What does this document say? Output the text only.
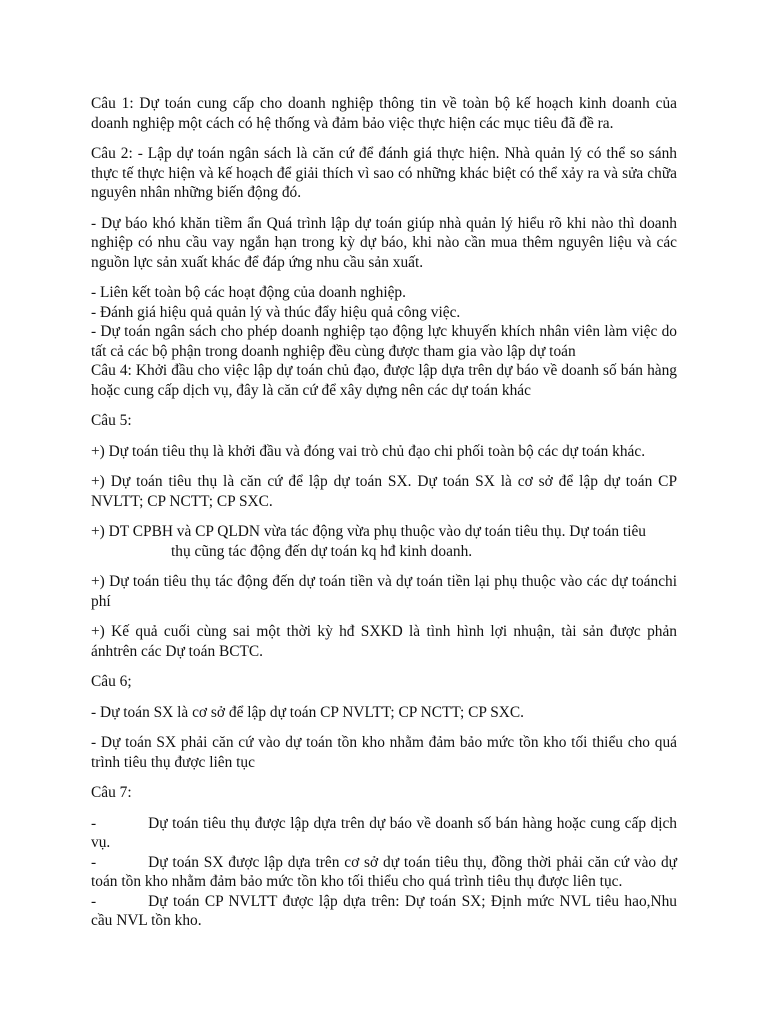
Câu 1: Dự toán cung cấp cho doanh nghiệp thông tin về toàn bộ kế hoạch kinh doanh của doanh nghiệp một cách có hệ thống và đảm bảo việc thực hiện các mục tiêu đã đề ra.

Câu 2: - Lập dự toán ngân sách là căn cứ để đánh giá thực hiện. Nhà quản lý có thể so sánh thực tế thực hiện và kế hoạch để giải thích vì sao có những khác biệt có thể xảy ra và sửa chữa nguyên nhân những biến động đó.

- Dự báo khó khăn tiềm ẩn Quá trình lập dự toán giúp nhà quản lý hiểu rõ khi nào thì doanh nghiệp có nhu cầu vay ngắn hạn trong kỳ dự báo, khi nào cần mua thêm nguyên liệu và các nguồn lực sản xuất khác để đáp ứng nhu cầu sản xuất.

- Liên kết toàn bộ các hoạt động của doanh nghiệp.

- Đánh giá hiệu quả quản lý và thúc đẩy hiệu quả công việc.

- Dự toán ngân sách cho phép doanh nghiệp tạo động lực khuyến khích nhân viên làm việc do tất cả các bộ phận trong doanh nghiệp đều cùng được tham gia vào lập dự toán

Câu 4: Khởi đầu cho việc lập dự toán chủ đạo, được lập dựa trên dự báo về doanh số bán hàng hoặc cung cấp dịch vụ, đây là căn cứ để xây dựng nên các dự toán khác

Câu 5:

+) Dự toán tiêu thụ là khởi đầu và đóng vai trò chủ đạo chi phối toàn bộ các dự toán khác.

+) Dự toán tiêu thụ là căn cứ để lập dự toán SX. Dự toán SX là cơ sở để lập dự toán CP NVLTT; CP NCTT; CP SXC.

+) DT CPBH và CP QLDN vừa tác động vừa phụ thuộc vào dự toán tiêu thụ. Dự toán tiêu
thụ cũng tác động đến dự toán kq hđ kinh doanh.

+) Dự toán tiêu thụ tác động đến dự toán tiền và dự toán tiền lại phụ thuộc vào các dự toánchi phí

+) Kế quả cuối cùng sai một thời kỳ hđ SXKD là tình hình lợi nhuận, tài sản được phản ánhtrên các Dự toán BCTC.

Câu 6;

- Dự toán SX là cơ sở để lập dự toán CP NVLTT; CP NCTT; CP SXC.

- Dự toán SX phải căn cứ vào dự toán tồn kho nhằm đảm bảo mức tồn kho tối thiểu cho quá trình tiêu thụ được liên tục

Câu 7:

-	Dự toán tiêu thụ được lập dựa trên dự báo về doanh số bán hàng hoặc cung cấp dịch vụ.

-	Dự toán SX được lập dựa trên cơ sở dự toán tiêu thụ, đồng thời phải căn cứ vào dự toán tồn kho nhằm đảm bảo mức tồn kho tối thiểu cho quá trình tiêu thụ được liên tục.

-	Dự toán CP NVLTT được lập dựa trên: Dự toán SX; Định mức NVL tiêu hao,Nhu cầu NVL tồn kho.
